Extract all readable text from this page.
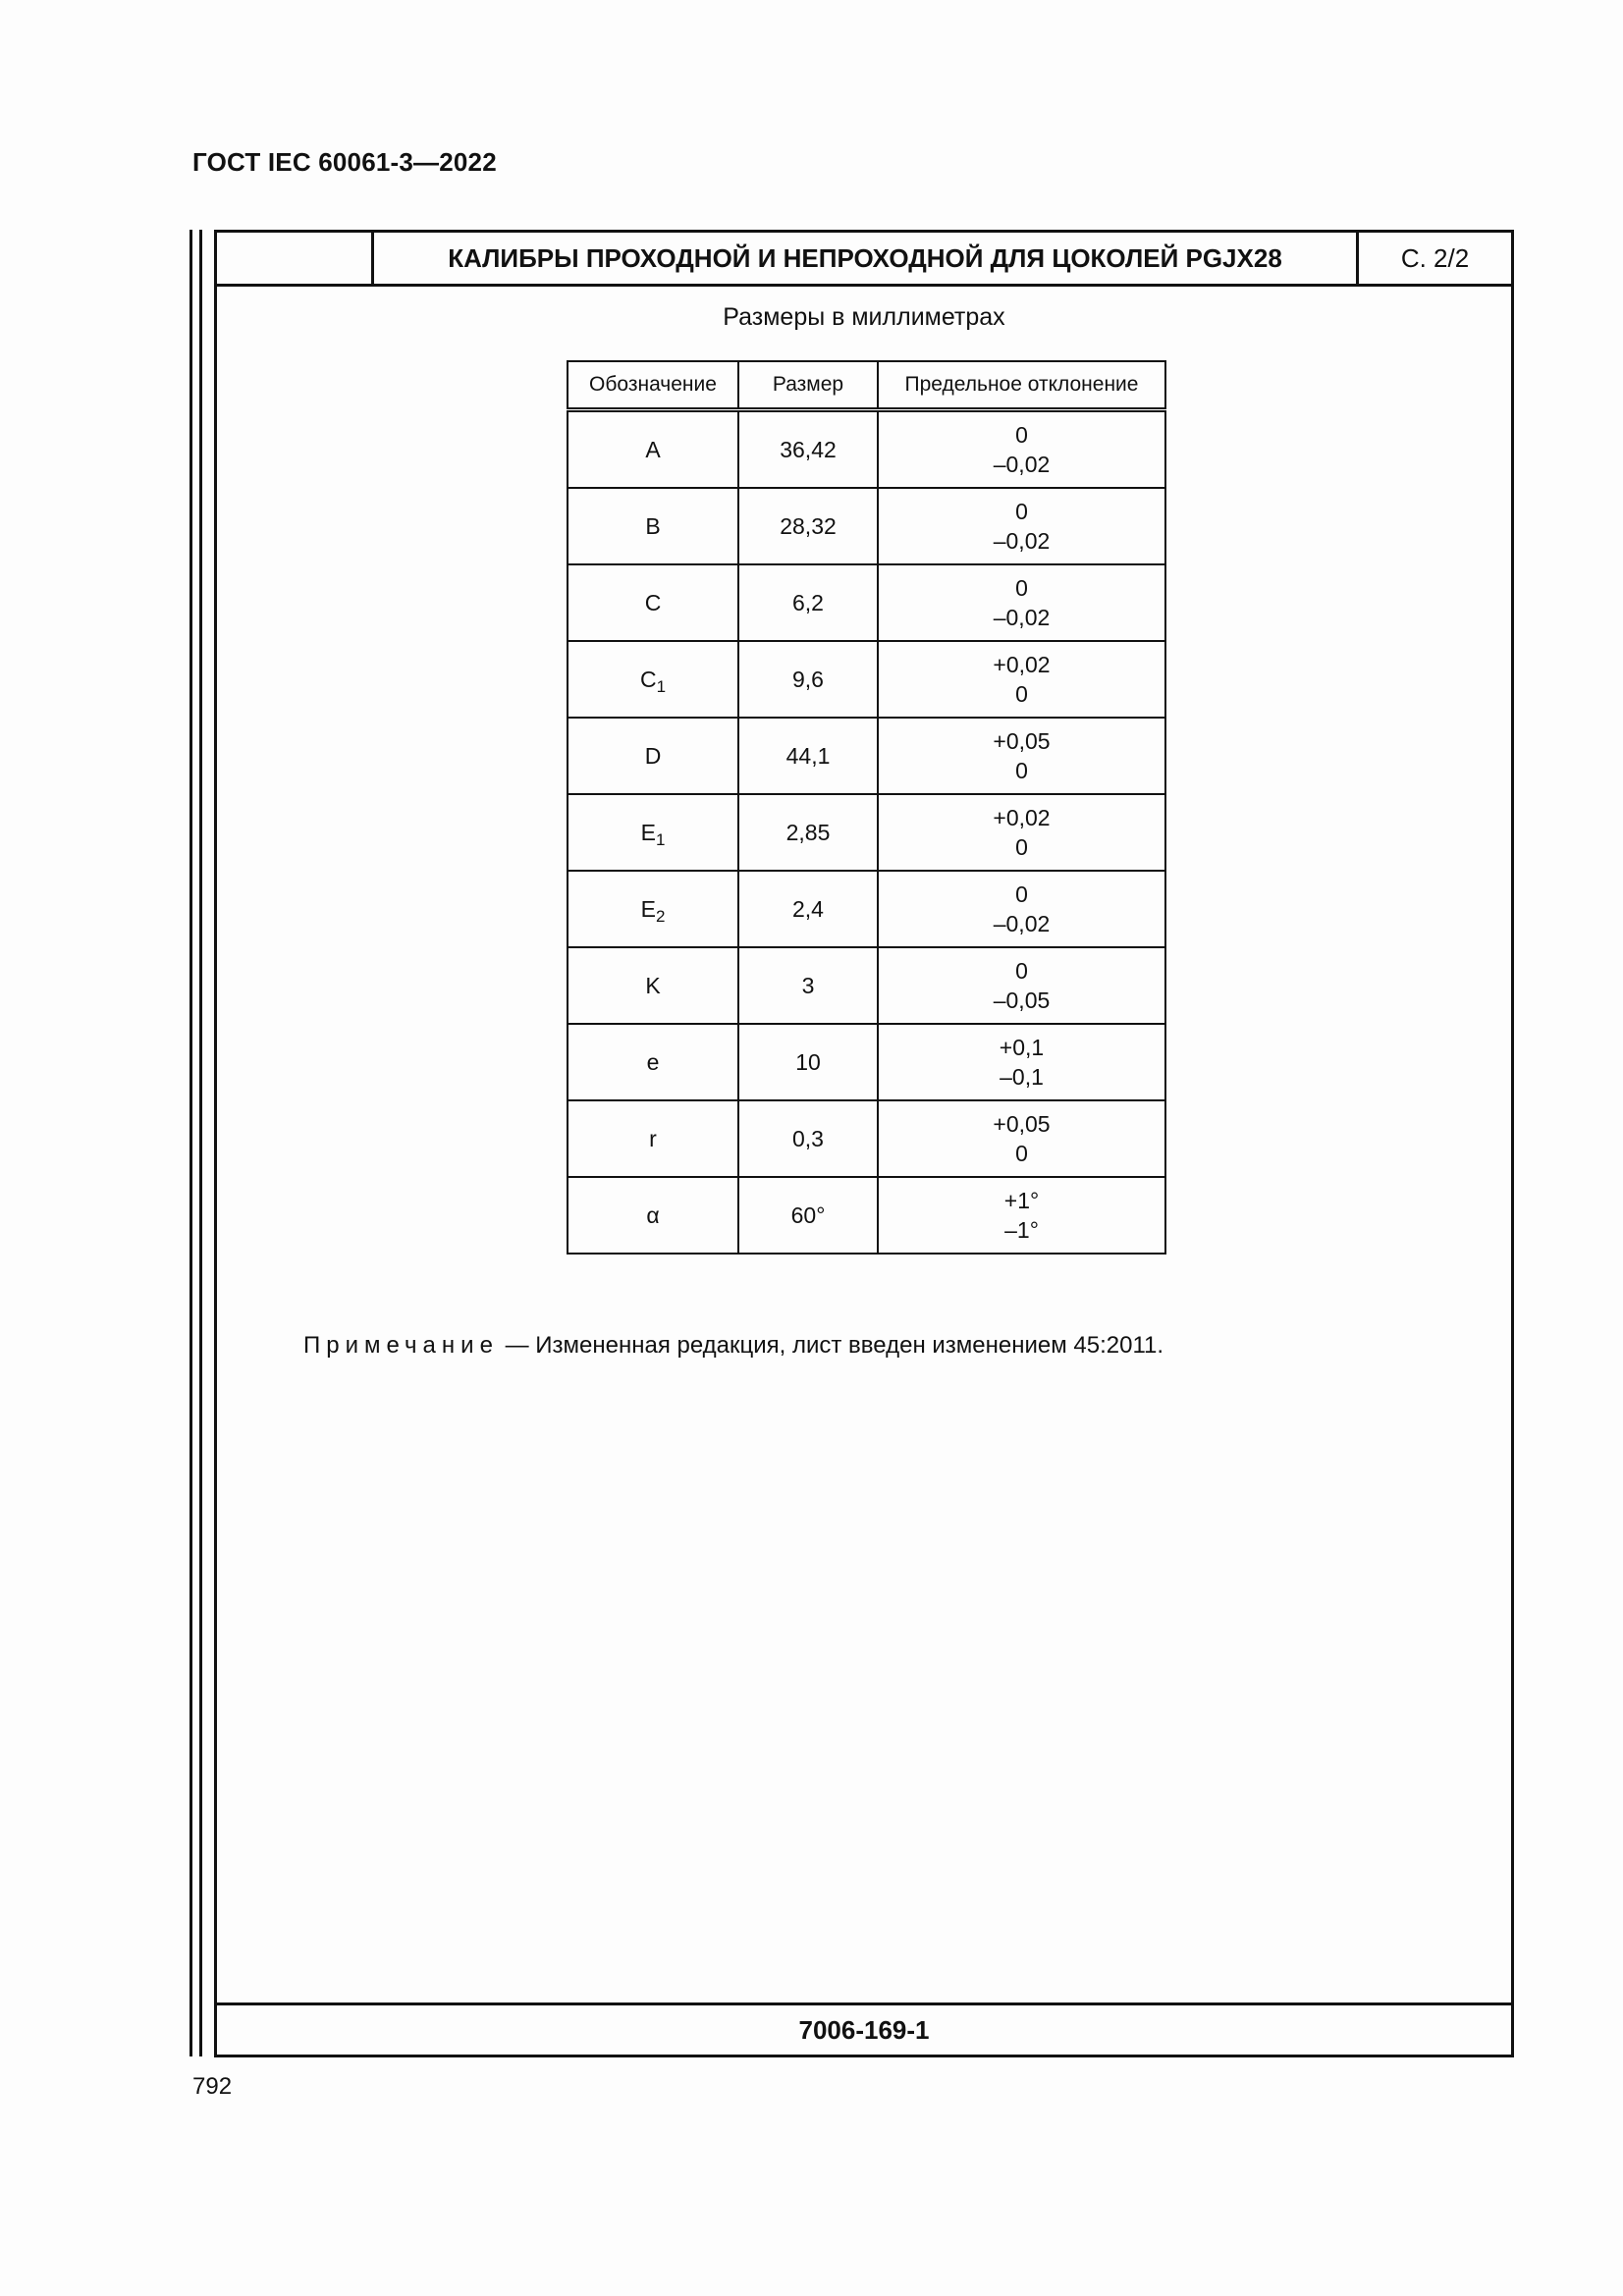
ГОСТ IEC 60061-3—2022
КАЛИБРЫ ПРОХОДНОЙ И НЕПРОХОДНОЙ ДЛЯ ЦОКОЛЕЙ PGJX28	С. 2/2
Размеры в миллиметрах
Обозначение	Размер	Предельное отклонение
A	36,42	0
–0,02

B	28,32	0
–0,02

C	6,2	0
–0,02

$C_1$	9,6	+0,02
0

D	44,1	+0,05
0

$E_1$	2,85	+0,02
0

$E_2$	2,4	0
–0,02

K	3	0
–0,05

e	10	+0,1
–0,1

r	0,3	+0,05
0

α	60°	+1°
–1°
Примечание — Измененная редакция, лист введен изменением 45:2011.
7006-169-1
792
